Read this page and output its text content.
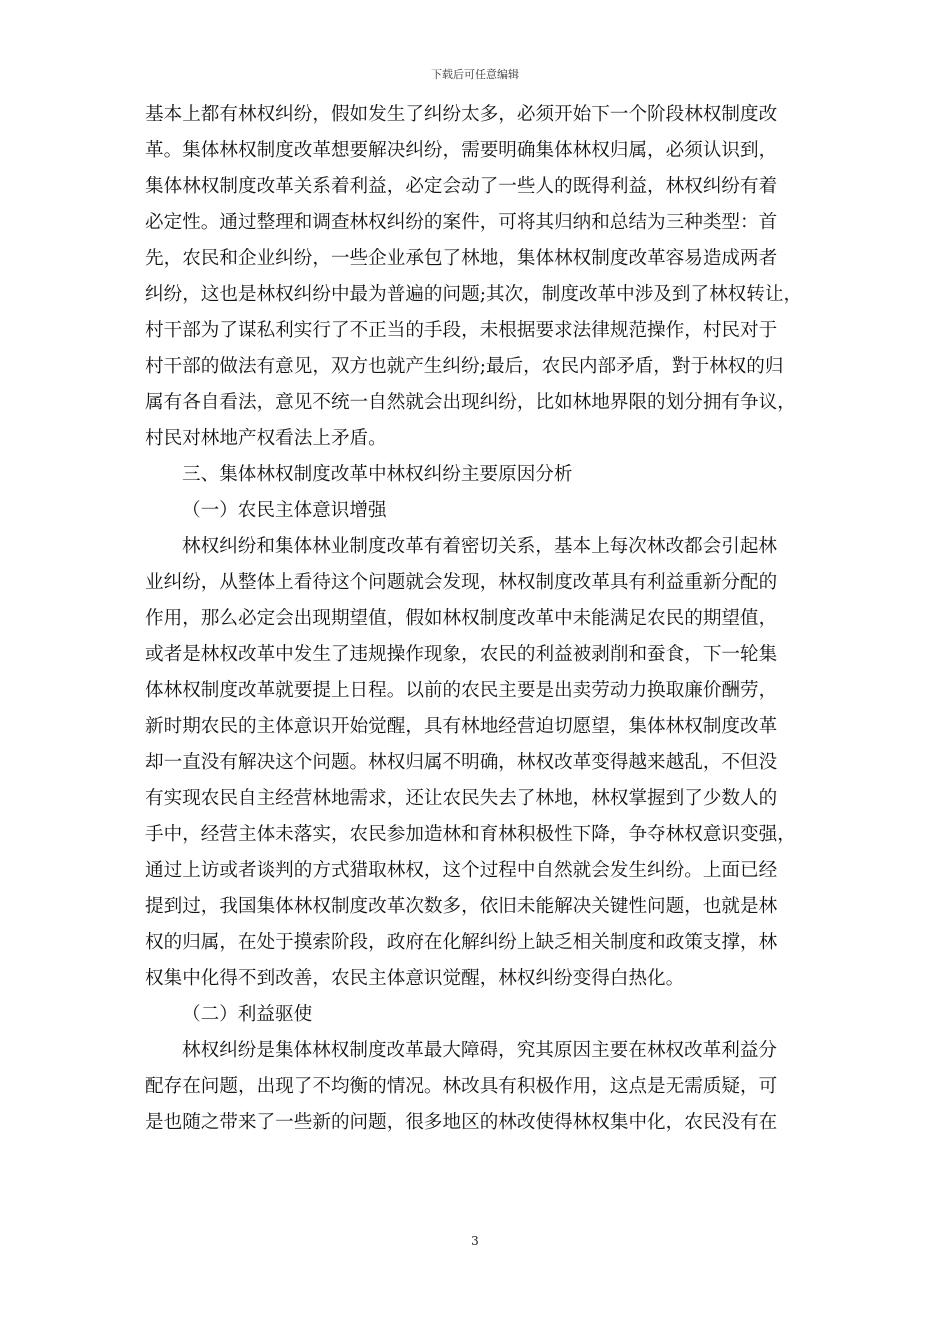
下载后可任意编辑
基本上都有林权纠纷，假如发生了纠纷太多，必须开始下一个阶段林权制度改
革。集体林权制度改革想要解决纠纷，需要明确集体林权归属，必须认识到，
集体林权制度改革关系着利益，必定会动了一些人的既得利益，林权纠纷有着
必定性。通过整理和调查林权纠纷的案件，可将其归纳和总结为三种类型：首
先，农民和企业纠纷，一些企业承包了林地，集体林权制度改革容易造成两者
纠纷，这也是林权纠纷中最为普遍的问题;其次，制度改革中涉及到了林权转让，
村干部为了谋私利实行了不正当的手段，未根据要求法律规范操作，村民对于
村干部的做法有意见，双方也就产生纠纷;最后，农民内部矛盾，對于林权的归
属有各自看法，意见不统一自然就会出现纠纷，比如林地界限的划分拥有争议，
村民对林地产权看法上矛盾。
三、集体林权制度改革中林权纠纷主要原因分析
（一）农民主体意识增强
林权纠纷和集体林业制度改革有着密切关系，基本上每次林改都会引起林
业纠纷，从整体上看待这个问题就会发现，林权制度改革具有利益重新分配的
作用，那么必定会出现期望值，假如林权制度改革中未能满足农民的期望值，
或者是林权改革中发生了违规操作现象，农民的利益被剥削和蚕食，下一轮集
体林权制度改革就要提上日程。以前的农民主要是出卖劳动力换取廉价酬劳，
新时期农民的主体意识开始觉醒，具有林地经营迫切愿望，集体林权制度改革
却一直没有解决这个问题。林权归属不明确，林权改革变得越来越乱，不但没
有实现农民自主经营林地需求，还让农民失去了林地，林权掌握到了少数人的
手中，经营主体未落实，农民参加造林和育林积极性下降，争夺林权意识变强，
通过上访或者谈判的方式猎取林权，这个过程中自然就会发生纠纷。上面已经
提到过，我国集体林权制度改革次数多，依旧未能解决关键性问题，也就是林
权的归属，在处于摸索阶段，政府在化解纠纷上缺乏相关制度和政策支撑，林
权集中化得不到改善，农民主体意识觉醒，林权纠纷变得白热化。
（二）利益驱使
林权纠纷是集体林权制度改革最大障碍，究其原因主要在林权改革利益分
配存在问题，出现了不均衡的情况。林改具有积极作用，这点是无需质疑，可
是也随之带来了一些新的问题，很多地区的林改使得林权集中化，农民没有在
3
